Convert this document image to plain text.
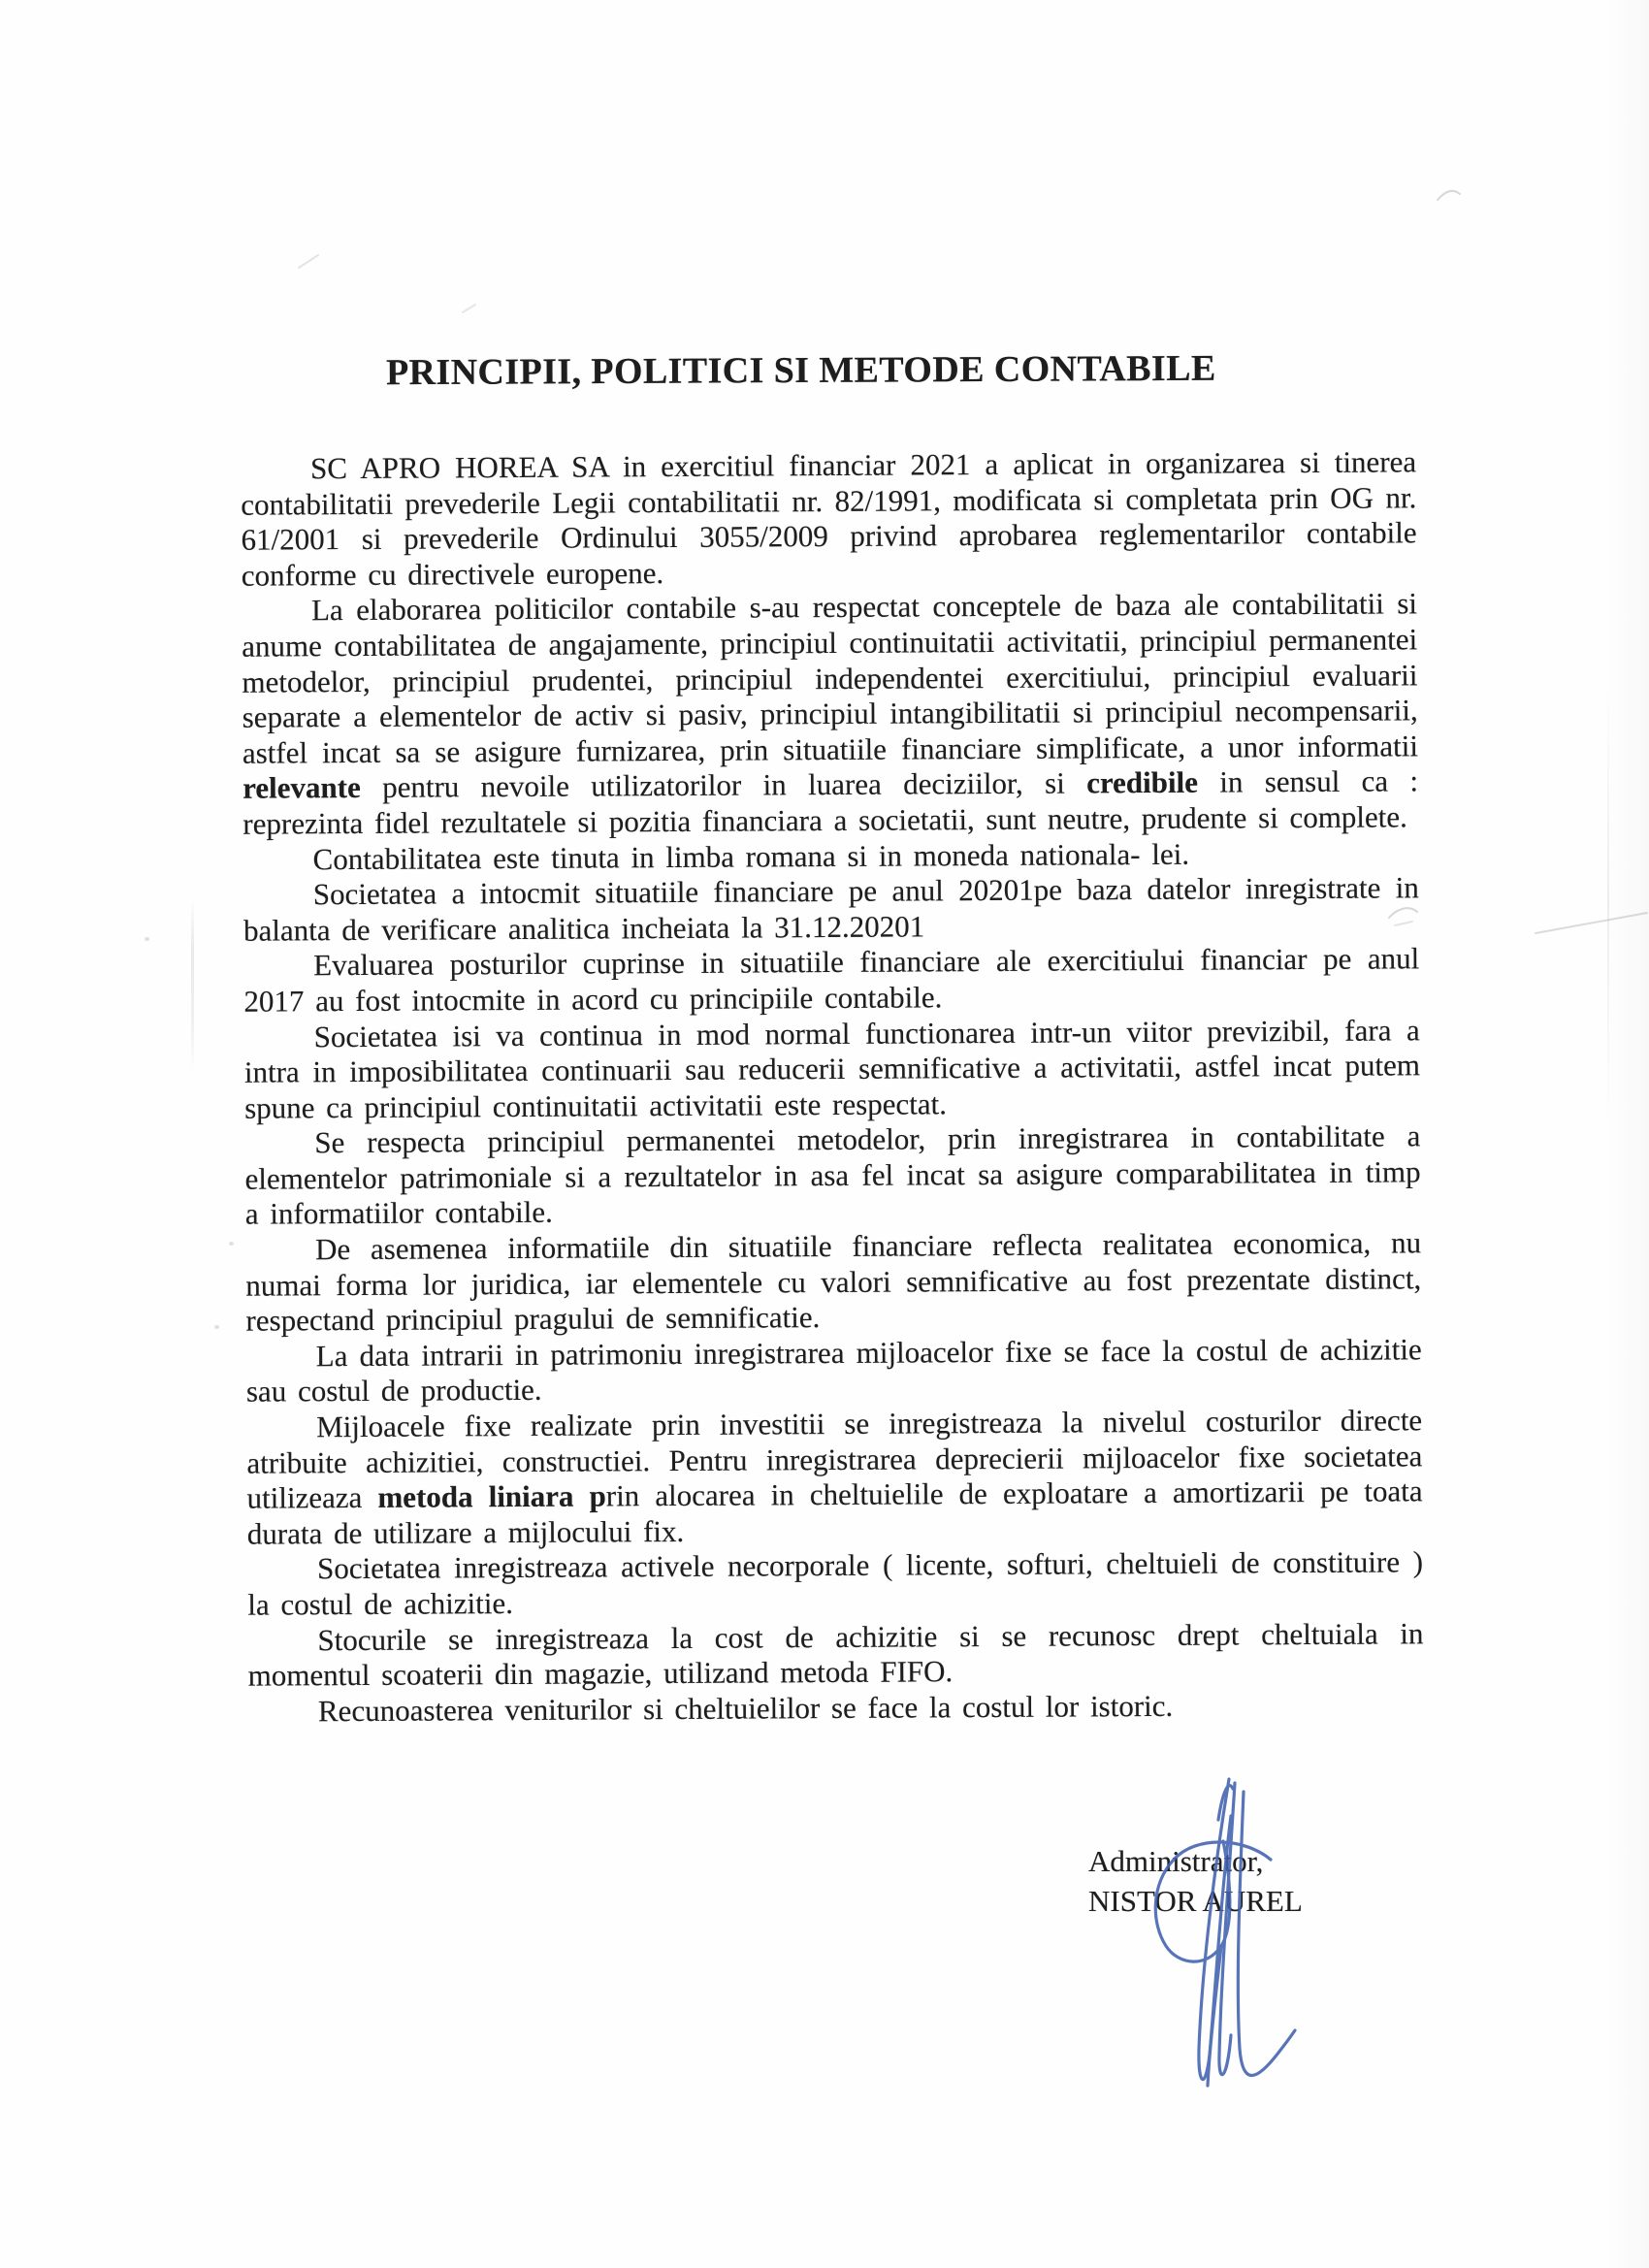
PRINCIPII, POLITICI SI METODE CONTABILE

SC APRO HOREA SA in exercitiul financiar 2021 a aplicat in organizarea si tinerea contabilitatii prevederile Legii contabilitatii nr. 82/1991, modificata si completata prin OG nr. 61/2001 si prevederile Ordinului 3055/2009 privind aprobarea reglementarilor contabile conforme cu directivele europene.

La elaborarea politicilor contabile s-au respectat conceptele de baza ale contabilitatii si anume contabilitatea de angajamente, principiul continuitatii activitatii, principiul permanentei metodelor, principiul prudentei, principiul independentei exercitiului, principiul evaluarii separate a elementelor de activ si pasiv, principiul intangibilitatii si principiul necompensarii, astfel incat sa se asigure furnizarea, prin situatiile financiare simplificate, a unor informatii relevante pentru nevoile utilizatorilor in luarea deciziilor, si credibile in sensul ca : reprezinta fidel rezultatele si pozitia financiara a societatii, sunt neutre, prudente si complete.

Contabilitatea este tinuta in limba romana si in moneda nationala- lei.

Societatea a intocmit situatiile financiare pe anul 20201pe baza datelor inregistrate in balanta de verificare analitica incheiata la 31.12.20201

Evaluarea posturilor cuprinse in situatiile financiare ale exercitiului financiar pe anul 2017 au fost intocmite in acord cu principiile contabile.

Societatea isi va continua in mod normal functionarea intr-un viitor previzibil, fara a intra in imposibilitatea continuarii sau reducerii semnificative a activitatii, astfel incat putem spune ca principiul continuitatii activitatii este respectat.

Se respecta principiul permanentei metodelor, prin inregistrarea in contabilitate a elementelor patrimoniale si a rezultatelor in asa fel incat sa asigure comparabilitatea in timp a informatiilor contabile.

De asemenea informatiile din situatiile financiare reflecta realitatea economica, nu numai forma lor juridica, iar elementele cu valori semnificative au fost prezentate distinct, respectand principiul pragului de semnificatie.

La data intrarii in patrimoniu inregistrarea mijloacelor fixe se face la costul de achizitie sau costul de productie.

Mijloacele fixe realizate prin investitii se inregistreaza la nivelul costurilor directe atribuite achizitiei, constructiei. Pentru inregistrarea deprecierii mijloacelor fixe societatea utilizeaza metoda liniara prin alocarea in cheltuielile de exploatare a amortizarii pe toata durata de utilizare a mijlocului fix.

Societatea inregistreaza activele necorporale ( licente, softuri, cheltuieli de constituire ) la costul de achizitie.

Stocurile se inregistreaza la cost de achizitie si se recunosc drept cheltuiala in momentul scoaterii din magazie, utilizand metoda FIFO.

Recunoasterea veniturilor si cheltuielilor se face la costul lor istoric.

Administrator,
NISTOR AUREL
